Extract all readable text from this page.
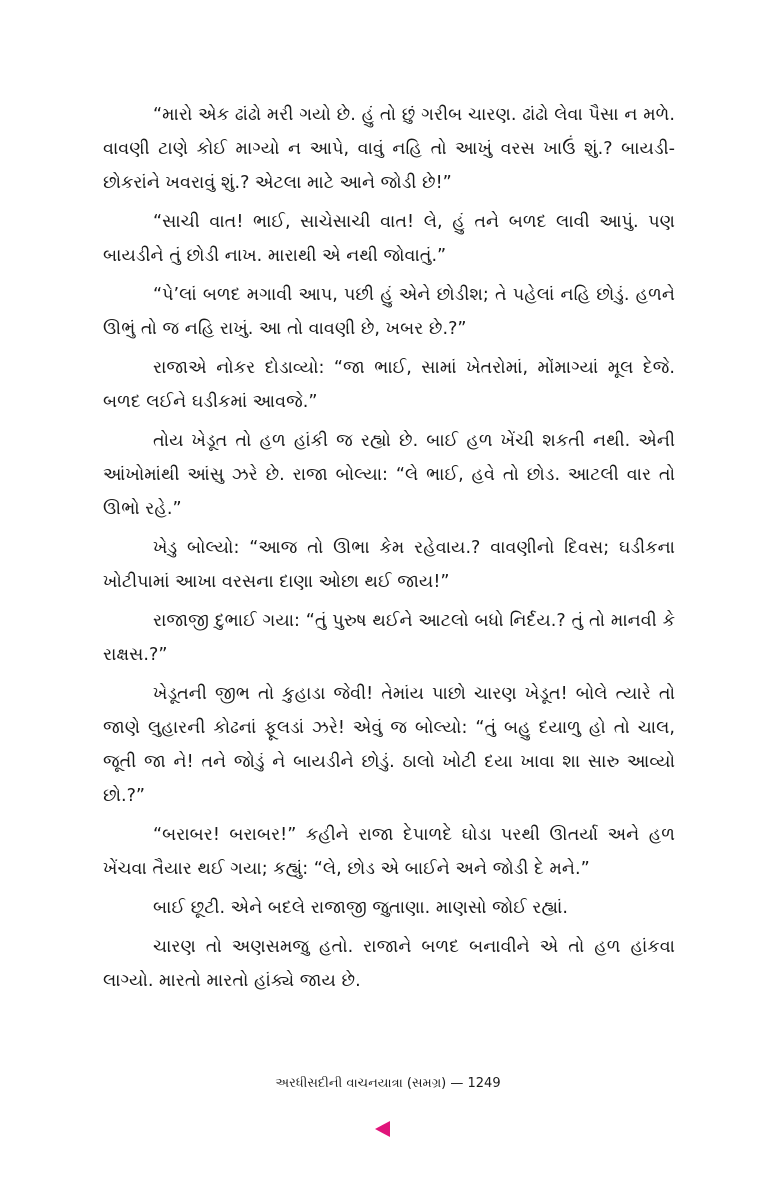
“મારો એક ઢાંઢો મરી ગયો છે. હું તો છું ગરીબ ચારણ. ઢાંઢો લેવા પૈસા ન મળે. વાવણી ટાણે કોઈ માગ્યો ન આપે, વાવું નહિ તો આખું વરસ ખાઉં શું.? બાયડી-છોકરાંને ખવરાવું શું.? એટલા માટે આને જોડી છે!”

“સાચી વાત! ભાઈ, સાચેસાચી વાત! લે, હું તને બળદ લાવી આપું. પણ બાયડીને તું છોડી નાખ. મારાથી એ નથી જોવાતું.”

“પે’લાં બળદ મગાવી આપ, પછી હું એને છોડીશ; તે પહેલાં નહિ છોડું. હળને ઊભું તો જ નહિ રાખું. આ તો વાવણી છે, ખબર છે.?”

રાજાએ નોકર દોડાવ્યો: “જા ભાઈ, સામાં ખેતરોમાં, મોંમાગ્યાં મૂલ દેજે. બળદ લઈને ઘડીકમાં આવજે.”

તોય ખેડૂત તો હળ હાંકી જ રહ્યો છે. બાઈ હળ ખેંચી શકતી નથી. એની આંખોમાંથી આંસુ ઝરે છે. રાજા બોલ્યા: “લે ભાઈ, હવે તો છોડ. આટલી વાર તો ઊભો રહે.”

ખેડુ બોલ્યો: “આજ તો ઊભા કેમ રહેવાય.? વાવણીનો દિવસ; ઘડીકના ખોટીપામાં આખા વરસના દાણા ઓછા થઈ જાય!”

રાજાજી દુભાઈ ગયા: “તું પુરુષ થઈને આટલો બધો નિર્દય.? તું તો માનવી કે રાક્ષસ.?”

ખેડૂતની જીભ તો કુહાડા જેવી! તેમાંય પાછો ચારણ ખેડૂત! બોલે ત્યારે તો જાણે લુહારની કોઢનાં ફૂલડાં ઝરે! એવું જ બોલ્યો: “તું બહુ દયાળુ હો તો ચાલ, જૂતી જા ને! તને જોડું ને બાયડીને છોડું. ઠાલો ખોટી દયા ખાવા શા સારુ આવ્યો છો.?”

“બરાબર! બરાબર!” કહીને રાજા દેપાળદે ઘોડા પરથી ઊતર્યા અને હળ ખેંચવા તૈયાર થઈ ગયા; કહ્યું: “લે, છોડ એ બાઈને અને જોડી દે મને.”

બાઈ છૂટી. એને બદલે રાજાજી જુતાણા. માણસો જોઈ રહ્યાં.

ચારણ તો અણસમજુ હતો. રાજાને બળદ બનાવીને એ તો હળ હાંકવા લાગ્યો. મારતો મારતો હાંક્યે જાય છે.

અરધીસદીની વાચનયાત્રા (સમગ્ર) — 1249
